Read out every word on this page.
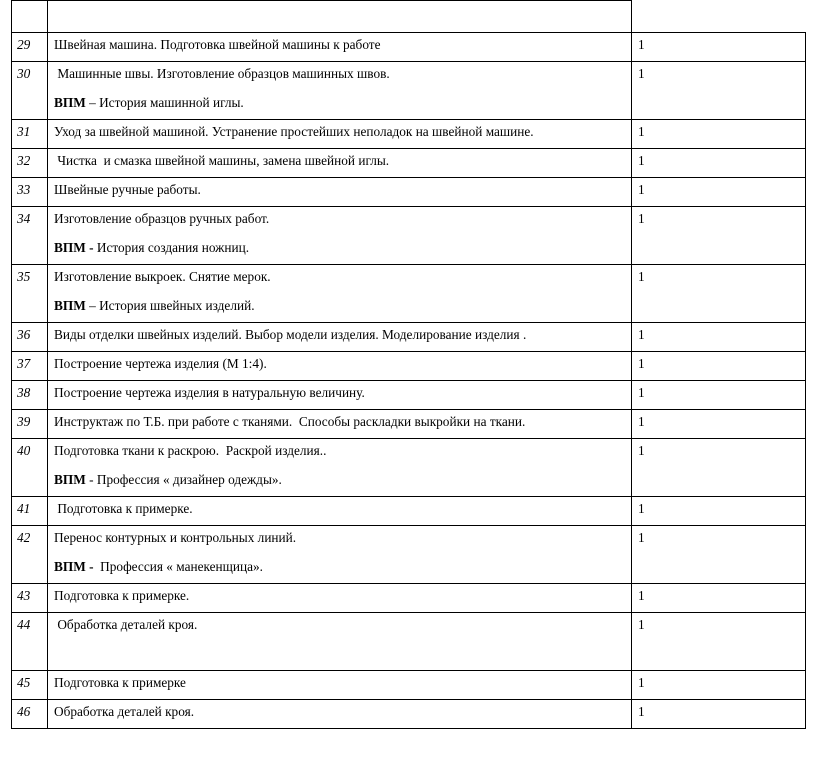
29	Швейная машина. Подготовка швейной машины к работе	1
30	Машинные швы. Изготовление образцов машинных швов.
ВПМ – История машинной иглы.	1
31	Уход за швейной машиной. Устранение простейших неполадок на швейной машине.	1
32	Чистка  и смазка швейной машины, замена швейной иглы.	1
33	Швейные ручные работы.	1
34	Изготовление образцов ручных работ.
ВПМ - История создания ножниц.	1
35	Изготовление выкроек. Снятие мерок.
ВПМ – История швейных изделий.	1
36	Виды отделки швейных изделий. Выбор модели изделия. Моделирование изделия .	1
37	Построение чертежа изделия (М 1:4).	1
38	Построение чертежа изделия в натуральную величину.	1
39	Инструктаж по Т.Б. при работе с тканями.  Способы раскладки выкройки на ткани.	1
40	Подготовка ткани к раскрою.  Раскрой изделия..
ВПМ - Профессия « дизайнер одежды».	1
41	Подготовка к примерке.	1
42	Перенос контурных и контрольных линий.
ВПМ -  Профессия « манекенщица».	1
43	Подготовка к примерке.	1
44	Обработка деталей кроя.	1
45	Подготовка к примерке	1
46	Обработка деталей кроя.	1
